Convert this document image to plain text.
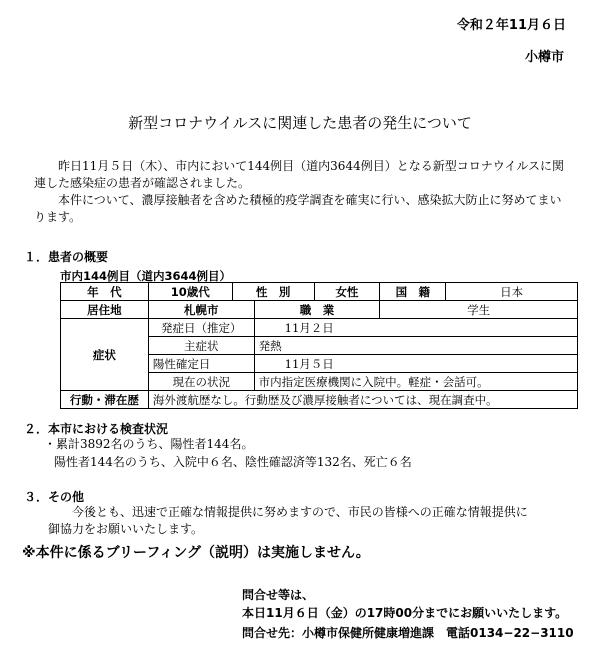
令和２年11月６日
小樽市
新型コロナウイルスに関連した患者の発生について

昨日11月５日（木）、市内において144例目（道内3644例目）となる新型コロナウイルスに関連した感染症の患者が確認されました。

本件について、濃厚接触者を含めた積極的疫学調査を確実に行い、感染拡大防止に努めてまいります。

１．患者の概要
市内144例目（道内3644例目）
年　代	10歳代	性　別		女性	国　籍	日本
居住地	札幌市		職　業		学生	
症状	発症日（推定）		11月２日			
	主症状		発熱			
	陽性確定日		11月５日			
	現在の状況		市内指定医療機関に入院中。軽症・会話可。			
行動・滞在歴	海外渡航歴なし。行動歴及び濃厚接触者については、現在調査中。					
２．本市における検査状況
・累計3892名のうち、陽性者144名。
陽性者144名のうち、入院中６名、陰性確認済等132名、死亡６名
３．その他

今後とも、迅速で正確な情報提供に努めますので、市民の皆様への正確な情報提供に御協力をお願いいたします。

※本件に係るブリーフィング（説明）は実施しません。
問合せ等は、
本日11月６日（金）の17時00分までにお願いいたします。
問合せ先：小樽市保健所健康増進課　電話0134−22−3110
